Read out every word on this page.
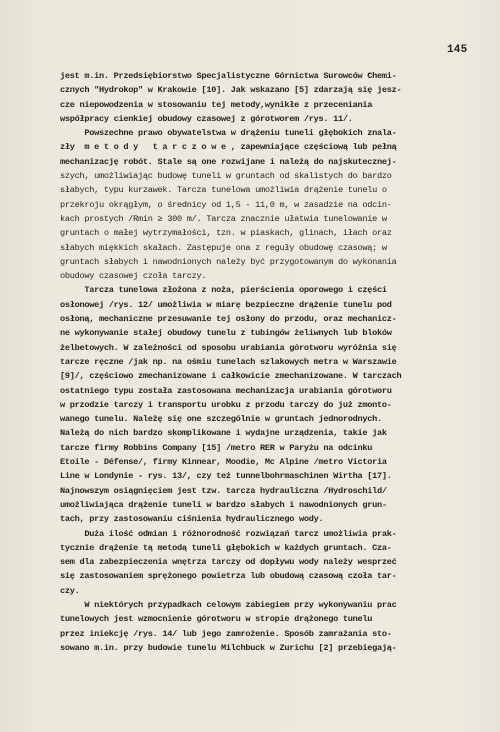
145
jest m.in. Przedsiębiorstwo Specjalistyczne Górnictwa Surowców Chemi-
cznych "Hydrokop" w Krakowie [10]. Jak wskazano [5] zdarzają się jesz-
cze niepowodzenia w stosowaniu tej metody,wynikłe z przeceniania
współpracy cienkiej obudowy czasowej z górotworem /rys. 11/.
Powszechne prawo obywatelstwa w drążeniu tuneli głębokich znala-
zły  m e t o d y   t a r c z o w e , zapewniające częściową lub pełną
mechanizację robót. Stale są one rozwijane i należą do najskutecznej-
szych, umożliwiając budowę tuneli w gruntach od skalistych do bardzo
słabych, typu kurzawek. Tarcza tunelowa umożliwia drążenie tunelu o
przekroju okrągłym, o średnicy od 1,5 - 11,0 m, w zasadzie na odcin-
kach prostych /Rmin ≥ 300 m/. Tarcza znacznie ułatwia tunelowanie w
gruntach o małej wytrzymałości, tzn. w piaskach, glinach, iłach oraz
słabych miękkich skałach. Zastępuje ona z reguły obudowę czasową; w
gruntach słabych i nawodnionych należy być przygotowanym do wykonania
obudowy czasowej czoła tarczy.
Tarcza tunelowa złożona z noża, pierścienia oporowego i części
osłonowej /rys. 12/ umożliwia w miarę bezpieczne drążenie tunelu pod
osłoną, mechaniczne przesuwanie tej osłony do przodu, oraz mechanicz-
ne wykonywanie stałej obudowy tunelu z tubingów żeliwnych lub bloków
żelbetowych. W zależności od sposobu urabiania górotworu wyróżnia się
tarcze ręczne /jak np. na ośmiu tunelach szlakowych metra w Warszawie
[9]/, częściowo zmechanizowane i całkowicie zmechanizowane. W tarczach
ostatniego typu została zastosowana mechanizacja urabiania górotworu
w przodzie tarczy i transportu urobku z przodu tarczy do już zmonto-
wanego tunelu. Należę się one szczególnie w gruntach jednorodnych.
Należą do nich bardzo skomplikowane i wydajne urządzenia, takie jak
tarcze firmy Robbins Company [15] /metro RER w Paryżu na odcinku
Etoile - Défense/, firmy Kinnear, Moodie, Mc Alpine /metro Victoria
Line w Londynie - rys. 13/, czy też tunnelbohrmaschinen Wirtha [17].
Najnowszym osiągnięciem jest tzw. tarcza hydrauliczna /Hydroschild/
umożliwiająca drążenie tuneli w bardzo słabych i nawodnionych grun-
tach, przy zastosowaniu ciśnienia hydraulicznego wody.
Duża ilość odmian i różnorodność rozwiązań tarcz umożliwia prak-
tycznie drążenie tą metodą tuneli głębokich w każdych gruntach. Cza-
sem dla zabezpieczenia wnętrza tarczy od dopływu wody należy wesprzeć
się zastosowaniem sprężonego powietrza lub obudową czasową czoła tar-
czy.
W niektórych przypadkach celowym zabiegiem przy wykonywaniu prac
tunelowych jest wzmocnienie górotworu w stropie drążonego tunelu
przez iniekcję /rys. 14/ lub jego zamrożenie. Sposób zamrażania sto-
sowano m.in. przy budowie tunelu Milchbuck w Zurichu [2] przebiegają-
